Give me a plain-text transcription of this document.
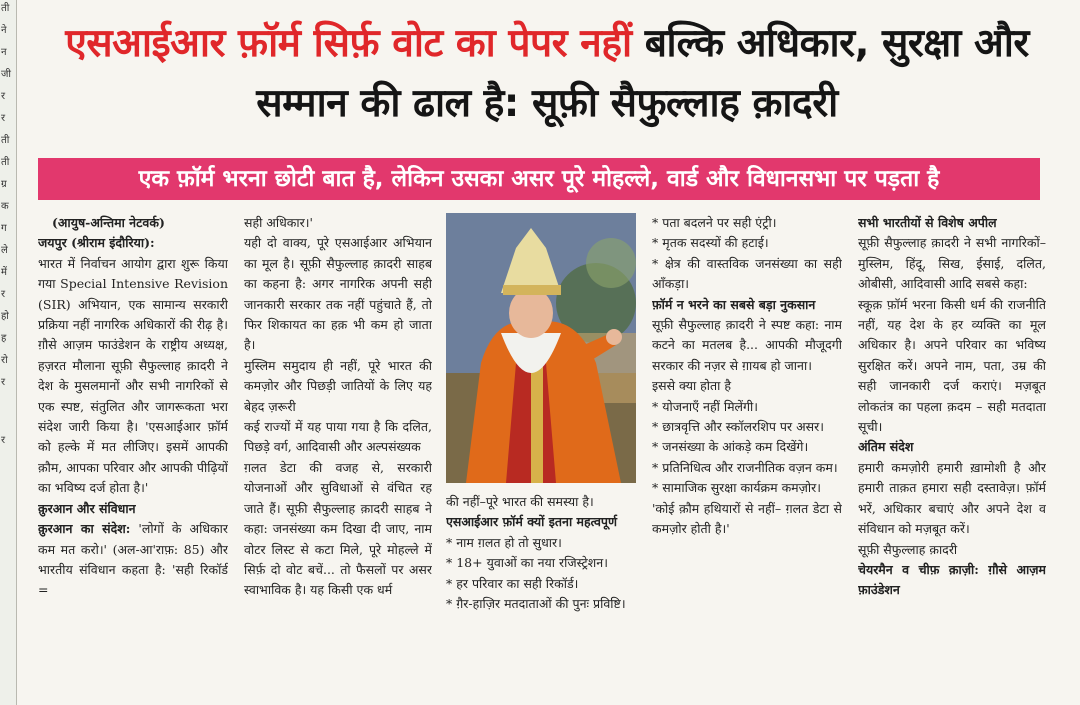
ती
ने
न
जी
र
र
ती
ती
ग्र
क
ग
ले
में
र
हो
ह
रो
र
र
एसआईआर फ़ॉर्म सिर्फ़ वोट का पेपर नहीं बल्कि अधिकार, सुरक्षा और सम्मान की ढाल है: सूफ़ी सैफुल्लाह क़ादरी
एक फ़ॉर्म भरना छोटी बात है, लेकिन उसका असर पूरे मोहल्ले, वार्ड और विधानसभा पर पड़ता है

(आयुष-अन्तिमा नेटवर्क)

जयपुर (श्रीराम इंदौरिया):

भारत में निर्वाचन आयोग द्वारा शुरू किया गया Special Intensive Revision (SIR) अभियान, एक सामान्य सरकारी प्रक्रिया नहीं नागरिक अधिकारों की रीढ़ है। ग़ौसे आज़म फाउंडेशन के राष्ट्रीय अध्यक्ष, हज़रत मौलाना सूफ़ी सैफुल्लाह क़ादरी ने देश के मुसलमानों और सभी नागरिकों से एक स्पष्ट, संतुलित और जागरूकता भरा संदेश जारी किया है। 'एसआईआर फ़ॉर्म को हल्के में मत लीजिए। इसमें आपकी क़ौम, आपका परिवार और आपकी पीढ़ियों का भविष्य दर्ज होता है।'

क़ुरआन और संविधान

क़ुरआन का संदेश: 'लोगों के अधिकार कम मत करो।' (अल-आ'राफ़: 85) और भारतीय संविधान कहता है: 'सही रिकॉर्ड =

सही अधिकार।'

यही दो वाक्य, पूरे एसआईआर अभियान का मूल है। सूफ़ी सैफुल्लाह क़ादरी साहब का कहना है: अगर नागरिक अपनी सही जानकारी सरकार तक नहीं पहुंचाते हैं, तो फिर शिकायत का हक़ भी कम हो जाता है।

मुस्लिम समुदाय ही नहीं, पूरे भारत की कमज़ोर और पिछड़ी जातियों के लिए यह बेहद ज़रूरी

कई राज्यों में यह पाया गया है कि दलित, पिछड़े वर्ग, आदिवासी और अल्पसंख्यक

ग़लत डेटा की वजह से, सरकारी योजनाओं और सुविधाओं से वंचित रह जाते हैं। सूफ़ी सैफुल्लाह क़ादरी साहब ने कहा: जनसंख्या कम दिखा दी जाए, नाम वोटर लिस्ट से कटा मिले, पूरे मोहल्ले में सिर्फ़ दो वोट बचें... तो फैसलों पर असर स्वाभाविक है। यह किसी एक धर्म

की नहीं–पूरे भारत की समस्या है।

एसआईआर फ़ॉर्म क्यों इतना महत्वपूर्ण

* नाम ग़लत हो तो सुधार।

* 18+ युवाओं का नया रजिस्ट्रेशन।

* हर परिवार का सही रिकॉर्ड।

* ग़ैर-हाज़िर मतदाताओं की पुनः प्रविष्टि।

* पता बदलने पर सही एंट्री।

* मृतक सदस्यों की हटाई।

* क्षेत्र की वास्तविक जनसंख्या का सही आँकड़ा।

फ़ॉर्म न भरने का सबसे बड़ा नुकसान

सूफ़ी सैफुल्लाह क़ादरी ने स्पष्ट कहा: नाम कटने का मतलब है... आपकी मौजूदगी सरकार की नज़र से ग़ायब हो जाना।

इससे क्या होता है

* योजनाएँ नहीं मिलेंगी।

* छात्रवृत्ति और स्कॉलरशिप पर असर।

* जनसंख्या के आंकड़े कम दिखेंगे।

* प्रतिनिधित्व और राजनीतिक वज़न कम।

* सामाजिक सुरक्षा कार्यक्रम कमज़ोर।

'कोई क़ौम हथियारों से नहीं– ग़लत डेटा से कमज़ोर होती है।'

सभी भारतीयों से विशेष अपील

सूफ़ी सैफुल्लाह क़ादरी ने सभी नागरिकों–मुस्लिम, हिंदू, सिख, ईसाई, दलित, ओबीसी, आदिवासी आदि सबसे कहा:

स्कूक़ फ़ॉर्म भरना किसी धर्म की राजनीति नहीं, यह देश के हर व्यक्ति का मूल अधिकार है। अपने परिवार का भविष्य सुरक्षित करें। अपने नाम, पता, उम्र की सही जानकारी दर्ज कराएं। मज़बूत लोकतंत्र का पहला क़दम – सही मतदाता सूची।

अंतिम संदेश

हमारी कमज़ोरी हमारी ख़ामोशी है और हमारी ताक़त हमारा सही दस्तावेज़। फ़ॉर्म भरें, अधिकार बचाएं और अपने देश व संविधान को मज़बूत करें।

सूफ़ी सैफुल्लाह क़ादरी

चेयरमैन व चीफ़ क़ाज़ी: ग़ौसे आज़म फ़ाउंडेशन
